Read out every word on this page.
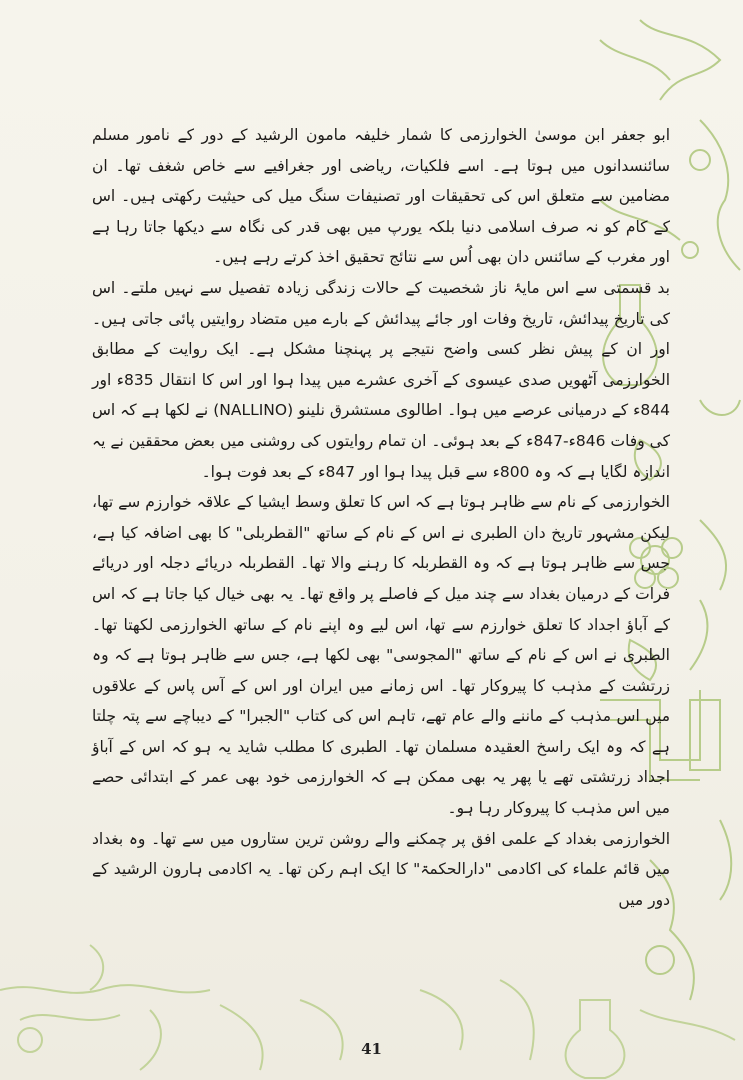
ابو جعفر ابن موسیٰ الخوارزمی کا شمار خلیفہ مامون الرشید کے دور کے نامور مسلم سائنسدانوں میں ہوتا ہے۔ اسے فلکیات، ریاضی اور جغرافیے سے خاص شغف تھا۔ ان مضامین سے متعلق اس کی تحقیقات اور تصنیفات سنگ میل کی حیثیت رکھتی ہیں۔ اس کے کام کو نہ صرف اسلامی دنیا بلکہ یورپ میں بھی قدر کی نگاہ سے دیکھا جاتا رہا ہے اور مغرب کے سائنس دان بھی اُس سے نتائج تحقیق اخذ کرتے رہے ہیں۔

بد قسمتی سے اس مایۂ ناز شخصیت کے حالات زندگی زیادہ تفصیل سے نہیں ملتے۔ اس کی تاریخ پیدائش، تاریخ وفات اور جائے پیدائش کے بارے میں متضاد روایتیں پائی جاتی ہیں۔ اور ان کے پیش نظر کسی واضح نتیجے پر پہنچنا مشکل ہے۔ ایک روایت کے مطابق الخوارزمی آٹھویں صدی عیسوی کے آخری عشرے میں پیدا ہوا اور اس کا انتقال 835ء اور 844ء کے درمیانی عرصے میں ہوا۔ اطالوی مستشرق نلینو (NALLINO) نے لکھا ہے کہ اس کی وفات 846ء-847ء کے بعد ہوئی۔ ان تمام روایتوں کی روشنی میں بعض محققین نے یہ اندازہ لگایا ہے کہ وہ 800ء سے قبل پیدا ہوا اور 847ء کے بعد فوت ہوا۔

الخوارزمی کے نام سے ظاہر ہوتا ہے کہ اس کا تعلق وسط ایشیا کے علاقہ خوارزم سے تھا، لیکن مشہور تاریخ دان الطبری نے اس کے نام کے ساتھ "القطربلی" کا بھی اضافہ کیا ہے، جس سے ظاہر ہوتا ہے کہ وہ القطربلہ کا رہنے والا تھا۔ القطربلہ دریائے دجلہ اور دریائے فرات کے درمیان بغداد سے چند میل کے فاصلے پر واقع تھا۔ یہ بھی خیال کیا جاتا ہے کہ اس کے آباؤ اجداد کا تعلق خوارزم سے تھا، اس لیے وہ اپنے نام کے ساتھ الخوارزمی لکھتا تھا۔ الطبری نے اس کے نام کے ساتھ "المجوسی" بھی لکھا ہے، جس سے ظاہر ہوتا ہے کہ وہ زرتشت کے مذہب کا پیروکار تھا۔ اس زمانے میں ایران اور اس کے آس پاس کے علاقوں میں اس مذہب کے ماننے والے عام تھے، تاہم اس کی کتاب "الجبرا" کے دیباچے سے پتہ چلتا ہے کہ وہ ایک راسخ العقیدہ مسلمان تھا۔ الطبری کا مطلب شاید یہ ہو کہ اس کے آباؤ اجداد زرتشتی تھے یا پھر یہ بھی ممکن ہے کہ الخوارزمی خود بھی عمر کے ابتدائی حصے میں اس مذہب کا پیروکار رہا ہو۔

الخوارزمی بغداد کے علمی افق پر چمکنے والے روشن ترین ستاروں میں سے تھا۔ وہ بغداد میں قائم علماء کی اکادمی "دارالحکمۃ" کا ایک اہم رکن تھا۔ یہ اکادمی ہارون الرشید کے دور میں

41
